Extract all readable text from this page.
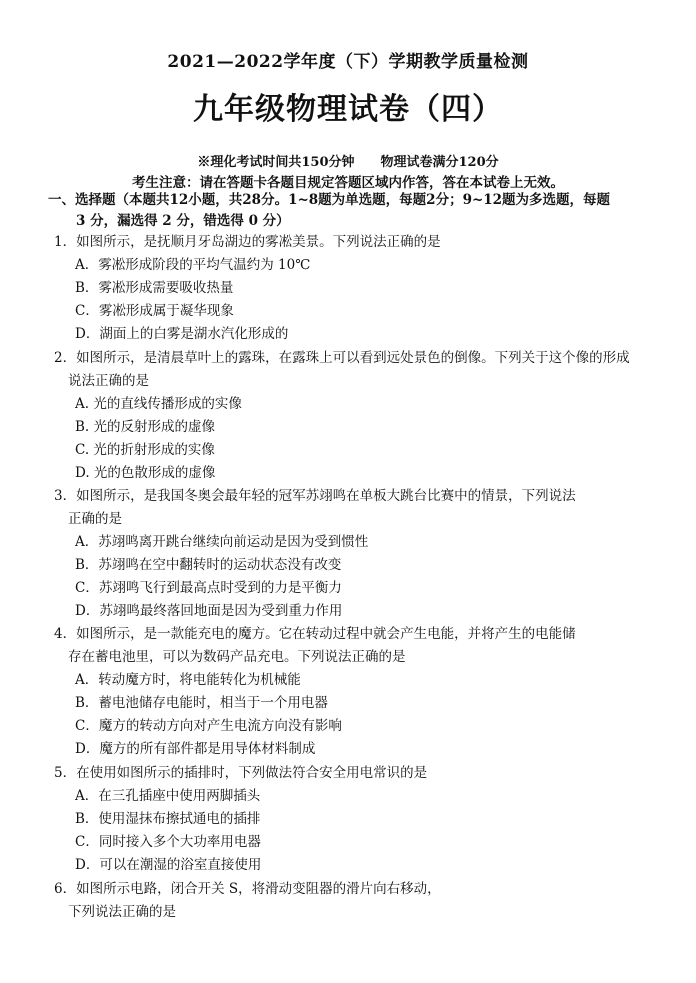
2021—2022学年度（下）学期教学质量检测
九年级物理试卷（四）
※理化考试时间共150分钟 物理试卷满分120分
考生注意：请在答题卡各题目规定答题区域内作答，答在本试卷上无效。
一、选择题（本题共12小题，共28分。1~8题为单选题，每题2分；9~12题为多选题，每题
3 分，漏选得 2 分，错选得 0 分）
1．如图所示，是抚顺月牙岛湖边的雾凇美景。下列说法正确的是
A．雾凇形成阶段的平均气温约为 10℃
B．雾凇形成需要吸收热量
C．雾凇形成属于凝华现象
D．湖面上的白雾是湖水汽化形成的
2．如图所示，是清晨草叶上的露珠，在露珠上可以看到远处景色的倒像。下列关于这个像的形成
说法正确的是
A. 光的直线传播形成的实像
B. 光的反射形成的虚像
C. 光的折射形成的实像
D. 光的色散形成的虚像
3．如图所示，是我国冬奥会最年轻的冠军苏翊鸣在单板大跳台比赛中的情景，下列说法
正确的是
A．苏翊鸣离开跳台继续向前运动是因为受到惯性
B．苏翊鸣在空中翻转时的运动状态没有改变
C．苏翊鸣飞行到最高点时受到的力是平衡力
D．苏翊鸣最终落回地面是因为受到重力作用
4．如图所示，是一款能充电的魔方。它在转动过程中就会产生电能，并将产生的电能储
存在蓄电池里，可以为数码产品充电。下列说法正确的是
A．转动魔方时，将电能转化为机械能
B．蓄电池储存电能时，相当于一个用电器
C．魔方的转动方向对产生电流方向没有影响
D．魔方的所有部件都是用导体材料制成
5．在使用如图所示的插排时，下列做法符合安全用电常识的是
A．在三孔插座中使用两脚插头
B．使用湿抹布擦拭通电的插排
C．同时接入多个大功率用电器
D．可以在潮湿的浴室直接使用
6．如图所示电路，闭合开关 S，将滑动变阻器的滑片向右移动，
下列说法正确的是
